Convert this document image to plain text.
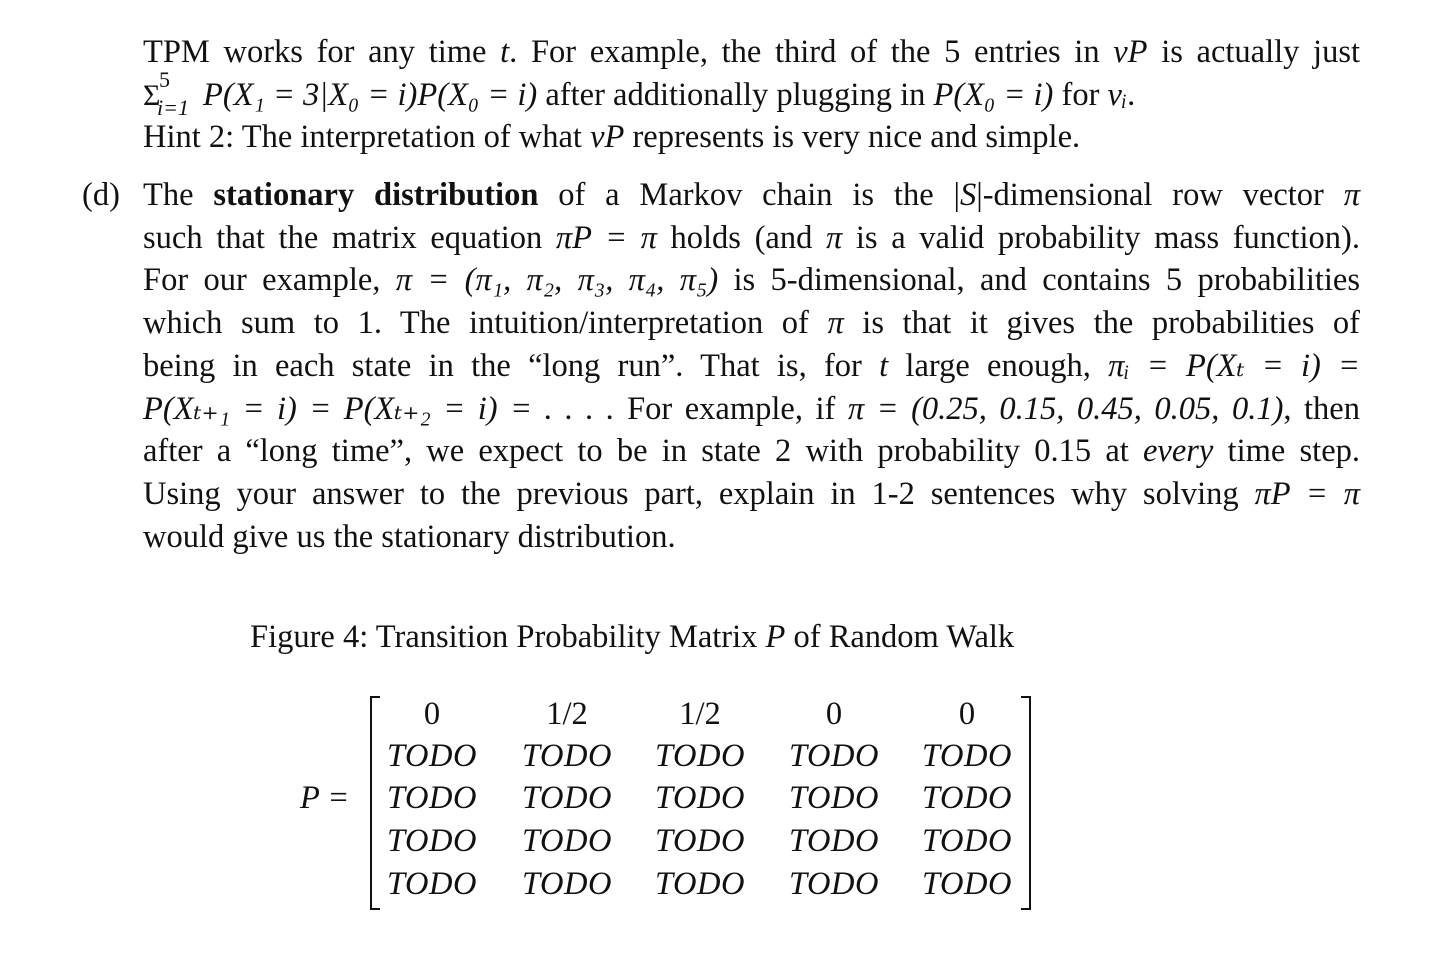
TPM works for any time t. For example, the third of the 5 entries in vP is actually just
Σ
5
i=1 P(X₁ = 3|X₀ = i)P(X₀ = i) after additionally plugging in P(X₀ = i) for vᵢ.
Hint 2: The interpretation of what vP represents is very nice and simple.
(d) The stationary distribution of a Markov chain is the |S|-dimensional row vector π
such that the matrix equation πP = π holds (and π is a valid probability mass function).
For our example, π = (π₁, π₂, π₃, π₄, π₅) is 5-dimensional, and contains 5 probabilities
which sum to 1. The intuition/interpretation of π is that it gives the probabilities of
being in each state in the “long run”. That is, for t large enough, πᵢ = P(Xₜ = i) =
P(Xₜ₊₁ = i) = P(Xₜ₊₂ = i) = . . . . For example, if π = (0.25, 0.15, 0.45, 0.05, 0.1), then
after a “long time”, we expect to be in state 2 with probability 0.15 at every time step.
Using your answer to the previous part, explain in 1-2 sentences why solving πP = π
would give us the stationary distribution.
Figure 4: Transition Probability Matrix P of Random Walk
P =
0	1/2	1/2	0	0
TODO	TODO	TODO	TODO	TODO
TODO	TODO	TODO	TODO	TODO
TODO	TODO	TODO	TODO	TODO
TODO	TODO	TODO	TODO	TODO
